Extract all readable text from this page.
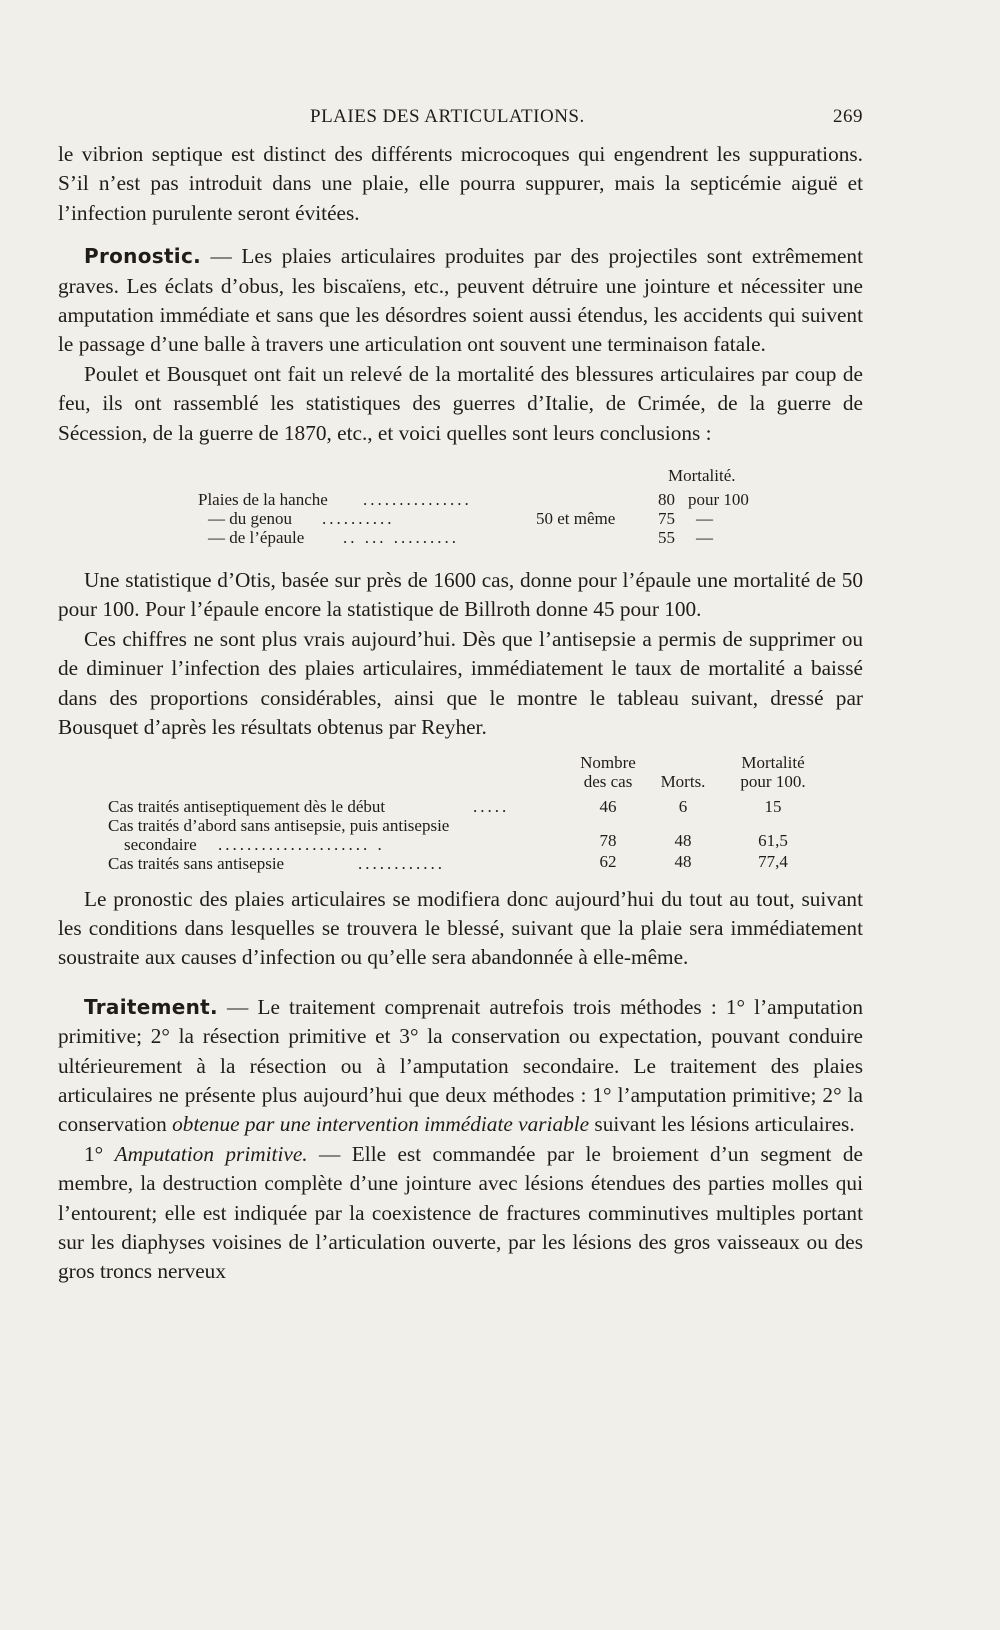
PLAIES DES ARTICULATIONS.	269

le vibrion septique est distinct des différents microcoques qui engendrent les suppurations. S’il n’est pas introduit dans une plaie, elle pourra suppurer, mais la septicémie aiguë et l’infection purulente seront évitées.

Pronostic. — Les plaies articulaires produites par des projectiles sont extrêmement graves. Les éclats d’obus, les biscaïens, etc., peuvent détruire une jointure et nécessiter une amputation immédiate et sans que les désordres soient aussi étendus, les accidents qui suivent le passage d’une balle à travers une articulation ont souvent une terminaison fatale.

Poulet et Bousquet ont fait un relevé de la mortalité des blessures articulaires par coup de feu, ils ont rassemblé les statistiques des guerres d’Italie, de Crimée, de la guerre de Sécession, de la guerre de 1870, etc., et voici quelles sont leurs conclusions :

Mortalité.
Plaies de la hanche ...............	80 pour 100
— du genou ..........	50 et même	75 —
— de l’épaule .. ... .........	55 —

Une statistique d’Otis, basée sur près de 1600 cas, donne pour l’épaule une mortalité de 50 pour 100. Pour l’épaule encore la statistique de Billroth donne 45 pour 100.

Ces chiffres ne sont plus vrais aujourd’hui. Dès que l’antisepsie a permis de supprimer ou de diminuer l’infection des plaies articulaires, immédiatement le taux de mortalité a baissé dans des proportions considérables, ainsi que le montre le tableau suivant, dressé par Bousquet d’après les résultats obtenus par Reyher.

Nombre
des cas	Morts.
Mortalité
pour 100.
Cas traités antiseptiquement dès le début	.....	46	6	15
Cas traités d’abord sans antisepsie, puis antisepsie
secondaire ..................... .	78	48	61,5
Cas traités sans antisepsie	............	62	48	77,4

Le pronostic des plaies articulaires se modifiera donc aujourd’hui du tout au tout, suivant les conditions dans lesquelles se trouvera le blessé, suivant que la plaie sera immédiatement soustraite aux causes d’infection ou qu’elle sera abandonnée à elle-même.

Traitement. — Le traitement comprenait autrefois trois méthodes : 1° l’amputation primitive; 2° la résection primitive et 3° la conservation ou expectation, pouvant conduire ultérieurement à la résection ou à l’amputation secondaire. Le traitement des plaies articulaires ne présente plus aujourd’hui que deux méthodes : 1° l’amputation primitive; 2° la conservation obtenue par une intervention immédiate variable suivant les lésions articulaires.

1° Amputation primitive. — Elle est commandée par le broiement d’un segment de membre, la destruction complète d’une jointure avec lésions étendues des parties molles qui l’entourent; elle est indiquée par la coexistence de fractures comminutives multiples portant sur les diaphyses voisines de l’articulation ouverte, par les lésions des gros vaisseaux ou des gros troncs nerveux
